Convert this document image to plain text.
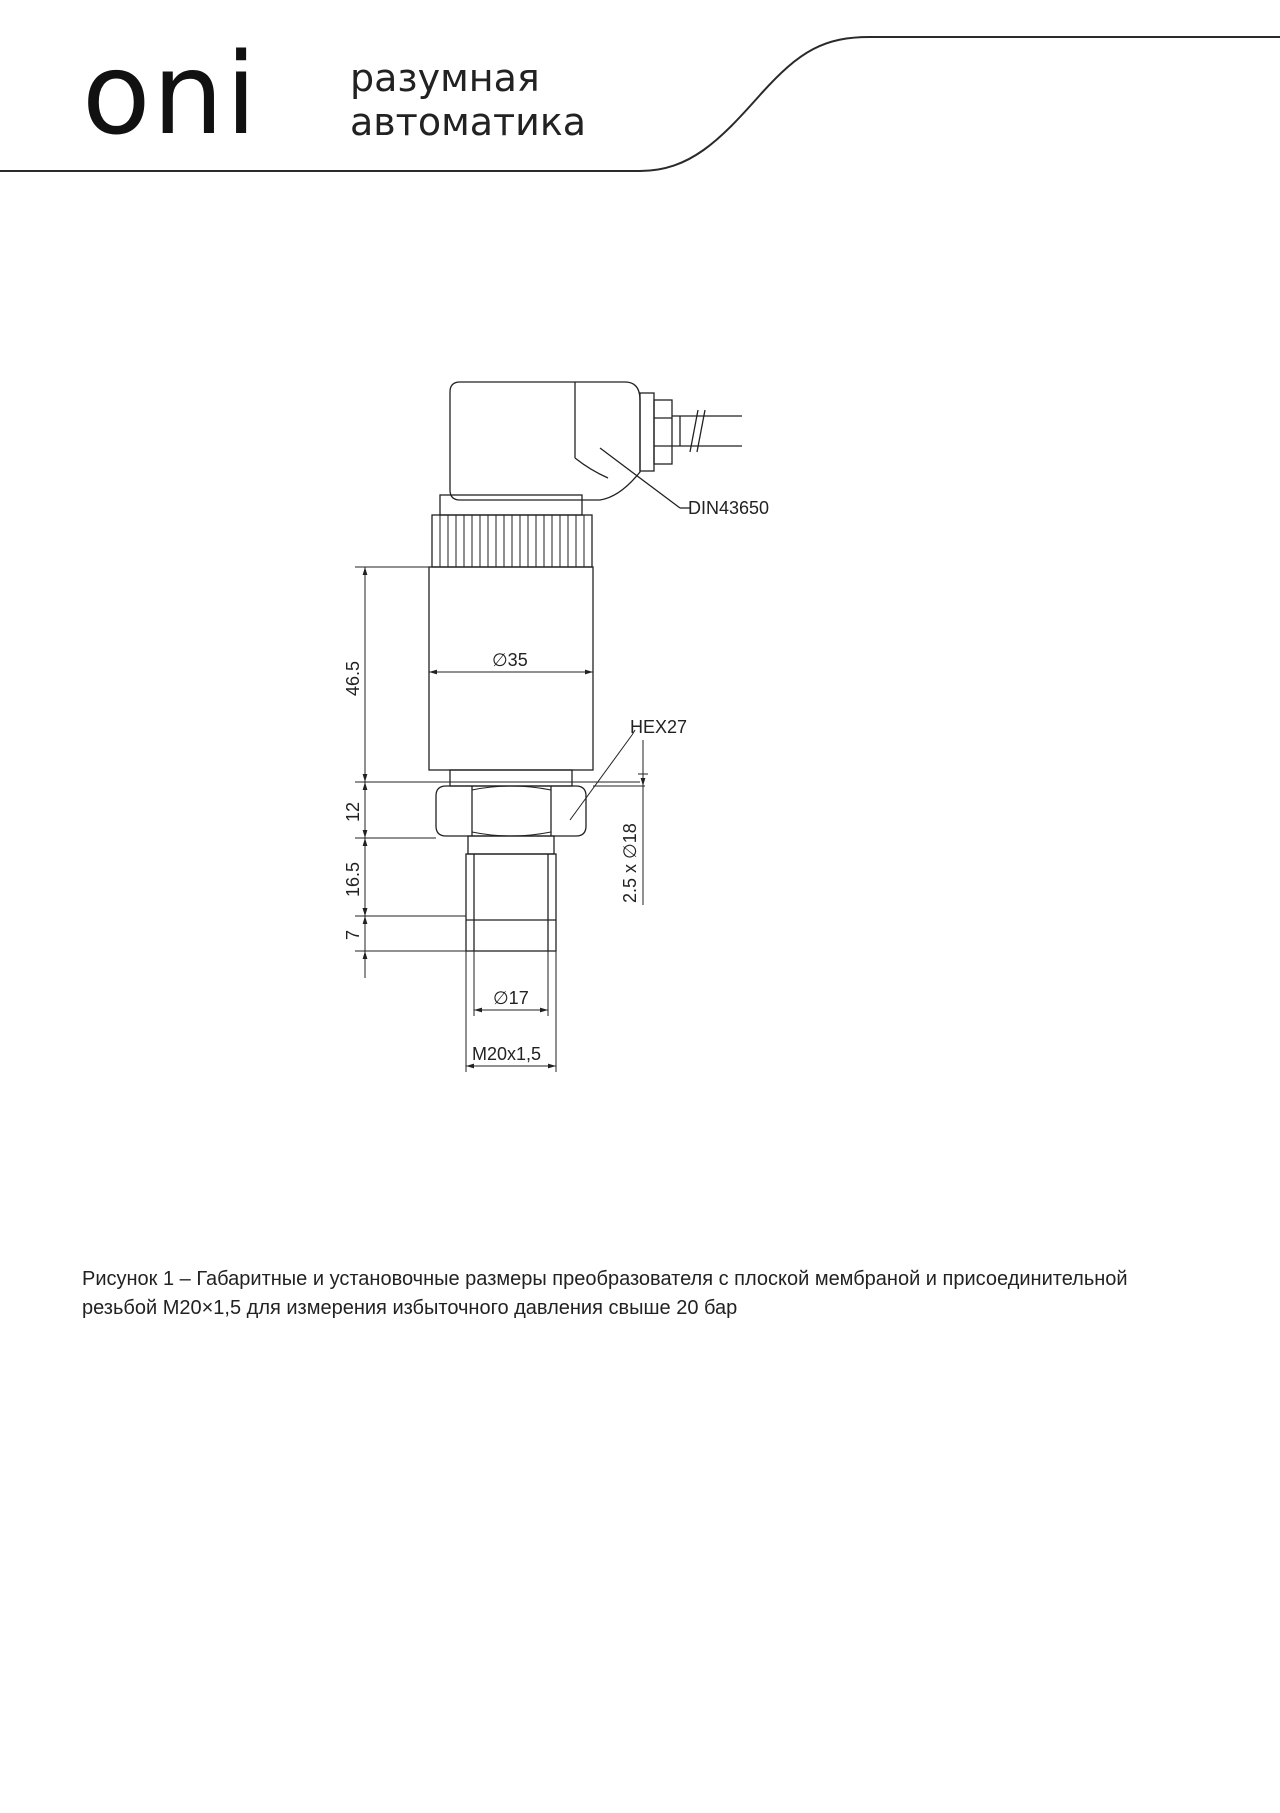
oni разумная
автоматика
DIN43650
HEX27
∅35
∅17
M20x1,5
46.5
12
16.5
7
2.5 x ∅18
Рисунок 1 – Габаритные и установочные размеры преобразователя с плоской мембраной и присоединительной
резьбой М20×1,5 для измерения избыточного давления свыше 20 бар
